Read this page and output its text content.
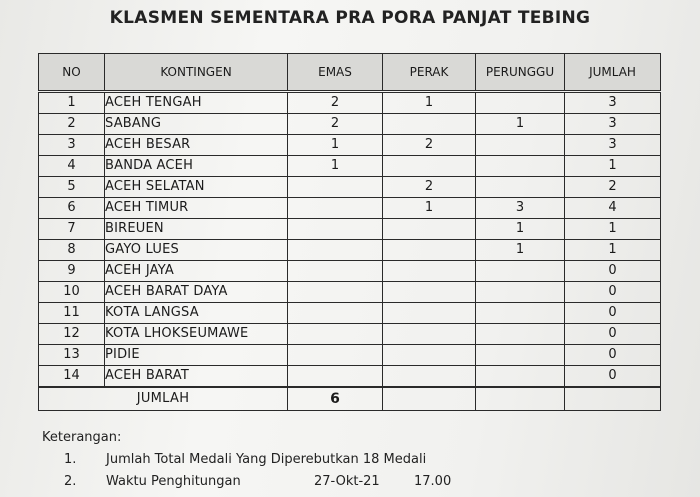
KLASMEN SEMENTARA PRA PORA PANJAT TEBING
NO	KONTINGEN	EMAS	PERAK	PERUNGGU	JUMLAH
1	ACEH TENGAH	2	1		3
2	SABANG	2		1	3
3	ACEH BESAR	1	2		3
4	BANDA ACEH	1			1
5	ACEH SELATAN		2		2
6	ACEH TIMUR		1	3	4
7	BIREUEN			1	1
8	GAYO LUES			1	1
9	ACEH JAYA				0
10	ACEH BARAT DAYA				0
11	KOTA LANGSA				0
12	KOTA LHOKSEUMAWE				0
13	PIDIE				0
14	ACEH BARAT				0
JUMLAH		6			
Keterangan:
1. Jumlah Total Medali Yang Diperebutkan 18 Medali
2. Waktu Penghitungan	27-Okt-21	17.00
